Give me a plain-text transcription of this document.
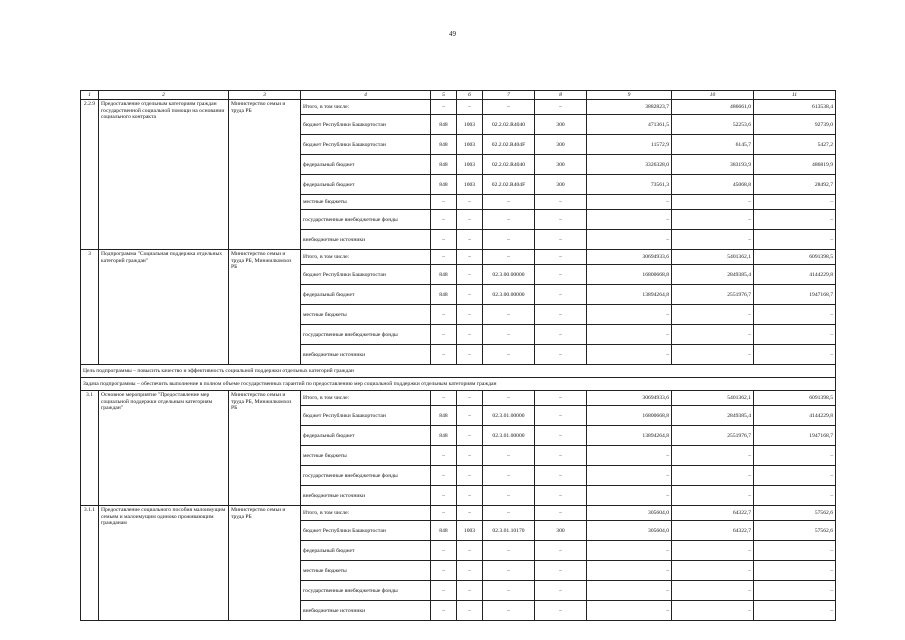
49
1	2	3	4	5	6	7	8	9	10	11
2.2.9	Предоставление отдельным категориям граждан государственной социальной помощи на основании социального контракта	Министерство семьи и труда РБ	Итого, в том числе:	–	–	–	–	3882823,7	486661,0	613538,4
			бюджет Республики Башкортостан	848	1003	02.2.02.R4040	300	471361,5	52253,6	92739,0
			бюджет Республики Башкортостан	848	1003	02.2.02.R404F	300	11572,9	6145,7	5427,2
			федеральный бюджет	848	1003	02.2.02.R4040	300	3326328,0	383193,9	486819,9
			федеральный бюджет	848	1003	02.2.02.R404F	300	73561,3	45068,8	28492,7
			местные бюджеты	–	–	–	–	–	–	–
			государственные внебюджетные фонды	–	–	–	–	–	–	–
			внебюджетные источники	–	–	–	–	–	–	–
3	Подпрограмма "Социальная поддержка отдельных категорий граждан"	Министерство семьи и труда РБ, Минжилкомхоз РБ	Итого, в том числе:	–	–	–	–	30694933,6	5401362,1	6091398,5
			бюджет Республики Башкортостан	848	–	02.3.00.00000	–	16800668,8	2849385,4	4144229,8
			федеральный бюджет	848	–	02.3.00.00000	–	13894264,8	2551976,7	1947168,7
			местные бюджеты	–	–	–	–	–	–	–
			государственные внебюджетные фонды	–	–	–	–	–	–	–
			внебюджетные источники	–	–	–	–	–	–	–
Цель подпрограммы – повысить качество и эффективность социальной поддержки отдельных категорий граждан										
Задача подпрограммы – обеспечить выполнение в полном объеме государственных гарантий по предоставлению мер социальной поддержки отдельным категориям граждан										
3.1	Основное мероприятие "Предоставление мер социальной поддержки отдельным категориям граждан"	Министерство семьи и труда РБ, Минжилкомхоз РБ	Итого, в том числе:	–	–	–	–	30694933,6	5401362,1	6091398,5
			бюджет Республики Башкортостан	848	–	02.3.01.00000	–	16800668,8	2849385,4	4144229,8
			федеральный бюджет	848	–	02.3.01.00000	–	13894264,8	2551976,7	1947168,7
			местные бюджеты	–	–	–	–	–	–	–
			государственные внебюджетные фонды	–	–	–	–	–	–	–
			внебюджетные источники	–	–	–	–	–	–	–
3.1.1	Предоставление социального пособия малоимущим семьям и малоимущим одиноко проживающим гражданам	Министерство семьи и труда РБ	Итого, в том числе:	–	–	–	–	305604,0	64322,7	57562,6
			бюджет Республики Башкортостан	848	1003	02.3.01.10170	300	305604,0	64322,7	57562,6
			федеральный бюджет	–	–	–	–	–	–	–
			местные бюджеты	–	–	–	–	–	–	–
			государственные внебюджетные фонды	–	–	–	–	–	–	–
			внебюджетные источники	–	–	–	–	–	–	–
